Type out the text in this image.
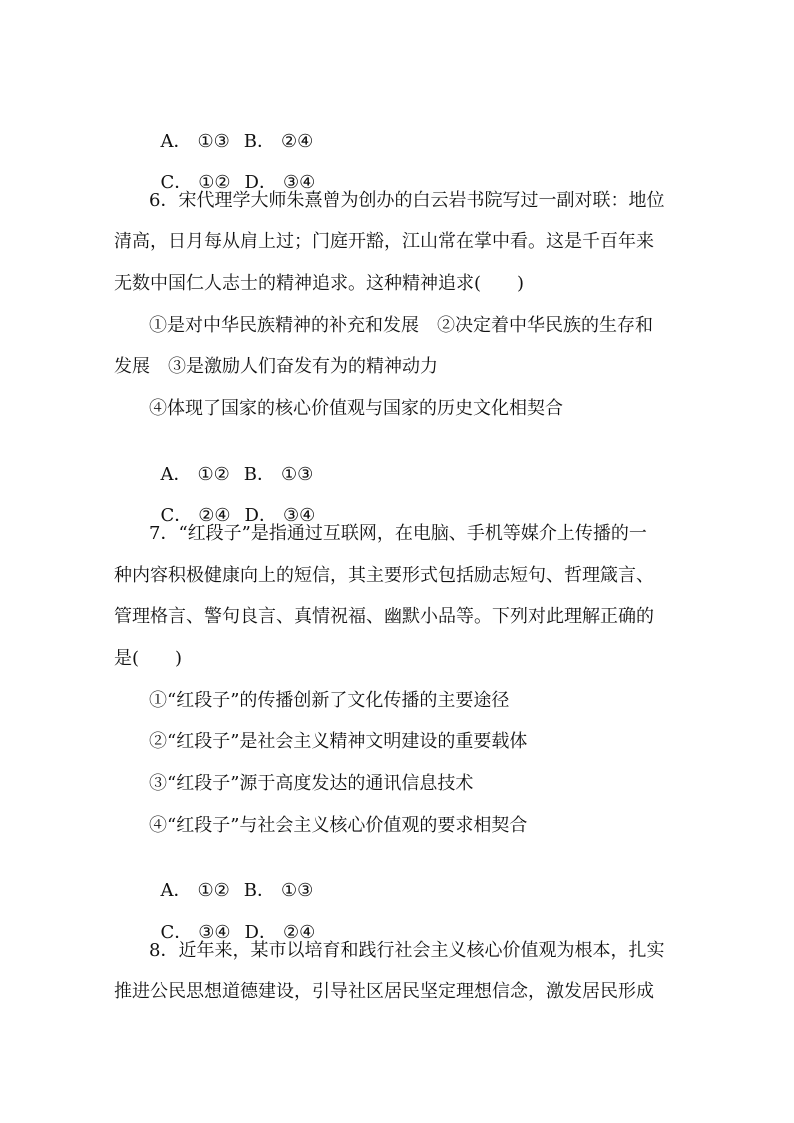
A． ①③ B． ②④

C． ①② D． ③④

6．宋代理学大师朱熹曾为创办的白云岩书院写过一副对联：地位
清高，日月每从肩上过；门庭开豁，江山常在掌中看。这是千百年来
无数中国仁人志士的精神追求。这种精神追求(　　)
①是对中华民族精神的补充和发展　②决定着中华民族的生存和
发展　③是激励人们奋发有为的精神动力
④体现了国家的核心价值观与国家的历史文化相契合

A． ①② B． ①③

C． ②④ D． ③④

7．“红段子”是指通过互联网，在电脑、手机等媒介上传播的一
种内容积极健康向上的短信，其主要形式包括励志短句、哲理箴言、
管理格言、警句良言、真情祝福、幽默小品等。下列对此理解正确的
是(　　)
①“红段子”的传播创新了文化传播的主要途径
②“红段子”是社会主义精神文明建设的重要载体
③“红段子”源于高度发达的通讯信息技术
④“红段子”与社会主义核心价值观的要求相契合

A． ①② B． ①③

C． ③④ D． ②④

8．近年来，某市以培育和践行社会主义核心价值观为根本，扎实
推进公民思想道德建设，引导社区居民坚定理想信念，激发居民形成
